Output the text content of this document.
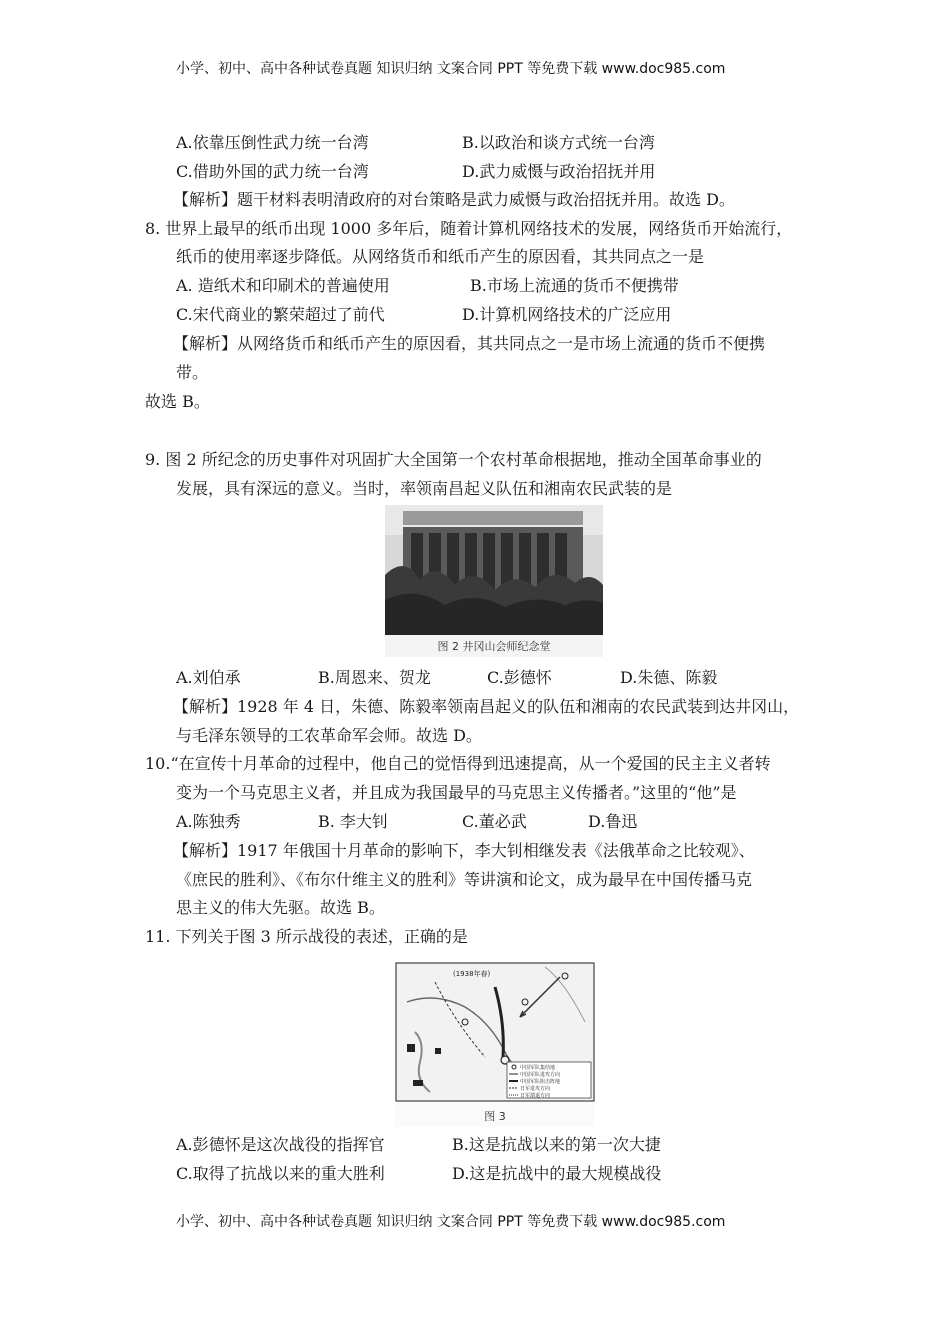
小学、初中、高中各种试卷真题 知识归纳 文案合同 PPT 等免费下载 www.doc985.com
A.依靠压倒性武力统一台湾	B.以政治和谈方式统一台湾
C.借助外国的武力统一台湾	D.武力威慑与政治招抚并用
【解析】题干材料表明清政府的对台策略是武力威慑与政治招抚并用。故选 D。
8. 世界上最早的纸币出现 1000 多年后，随着计算机网络技术的发展，网络货币开始流行，
纸币的使用率逐步降低。从网络货币和纸币产生的原因看，其共同点之一是
A. 造纸术和印刷术的普遍使用	B.市场上流通的货币不便携带
C.宋代商业的繁荣超过了前代	D.计算机网络技术的广泛应用
【解析】从网络货币和纸币产生的原因看，其共同点之一是市场上流通的货币不便携
带。
故选 B。
9. 图 2 所纪念的历史事件对巩固扩大全国第一个农村革命根据地，推动全国革命事业的
发展，具有深远的意义。当时，率领南昌起义队伍和湘南农民武装的是
图 2 井冈山会师纪念堂
A.刘伯承	B.周恩来、贺龙	C.彭德怀	D.朱德、陈毅
【解析】1928 年 4 日，朱德、陈毅率领南昌起义的队伍和湘南的农民武装到达井冈山，
与毛泽东领导的工农革命军会师。故选 D。
10.“在宣传十月革命的过程中，他自己的觉悟得到迅速提高，从一个爱国的民主主义者转
变为一个马克思主义者，并且成为我国最早的马克思主义传播者。”这里的“他”是
A.陈独秀	B. 李大钊	C.董必武	D.鲁迅
【解析】1917 年俄国十月革命的影响下，李大钊相继发表《法俄革命之比较观》、
《庶民的胜利》、《布尔什维主义的胜利》等讲演和论文，成为最早在中国传播马克
思主义的伟大先驱。故选 B。
11. 下列关于图 3 所示战役的表述，正确的是
(1938年春)
中国军队集结地
中国军队进攻方向
中国军队阻击阵地
日军进攻方向
日军溃退方向
图 3
A.彭德怀是这次战役的指挥官	B.这是抗战以来的第一次大捷
C.取得了抗战以来的重大胜利	D.这是抗战中的最大规模战役
小学、初中、高中各种试卷真题 知识归纳 文案合同 PPT 等免费下载 www.doc985.com
